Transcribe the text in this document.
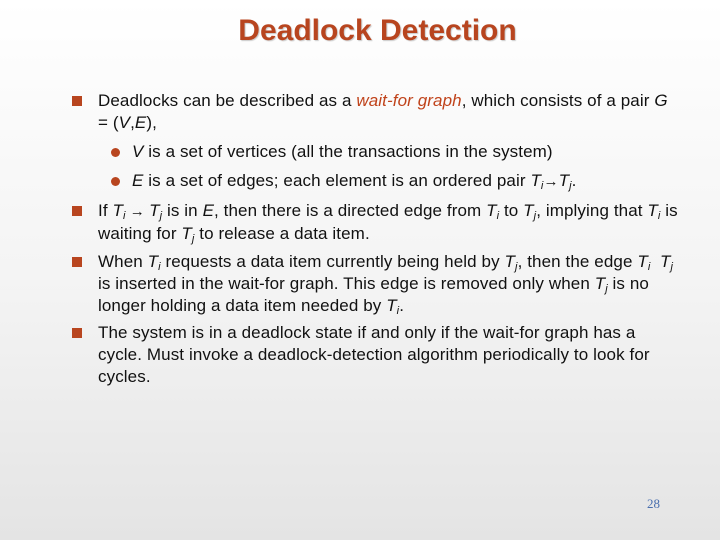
Deadlock Detection
Deadlocks can be described as a wait-for graph, which consists of a pair G = (V,E),
V is a set of vertices (all the transactions in the system)
E is a set of edges; each element is an ordered pair $T_i\to T_j$.
If $T_i \to T_j$ is in E, then there is a directed edge from $T_i$ to $T_j$, implying that $T_i$ is waiting for $T_j$ to release a data item.
When $T_i$ requests a data item currently being held by $T_j$, then the edge $T_i$ $T_j$ is inserted in the wait-for graph. This edge is removed only when $T_j$ is no longer holding a data item needed by $T_i$.
The system is in a deadlock state if and only if the wait-for graph has a cycle. Must invoke a deadlock-detection algorithm periodically to look for cycles.
28
